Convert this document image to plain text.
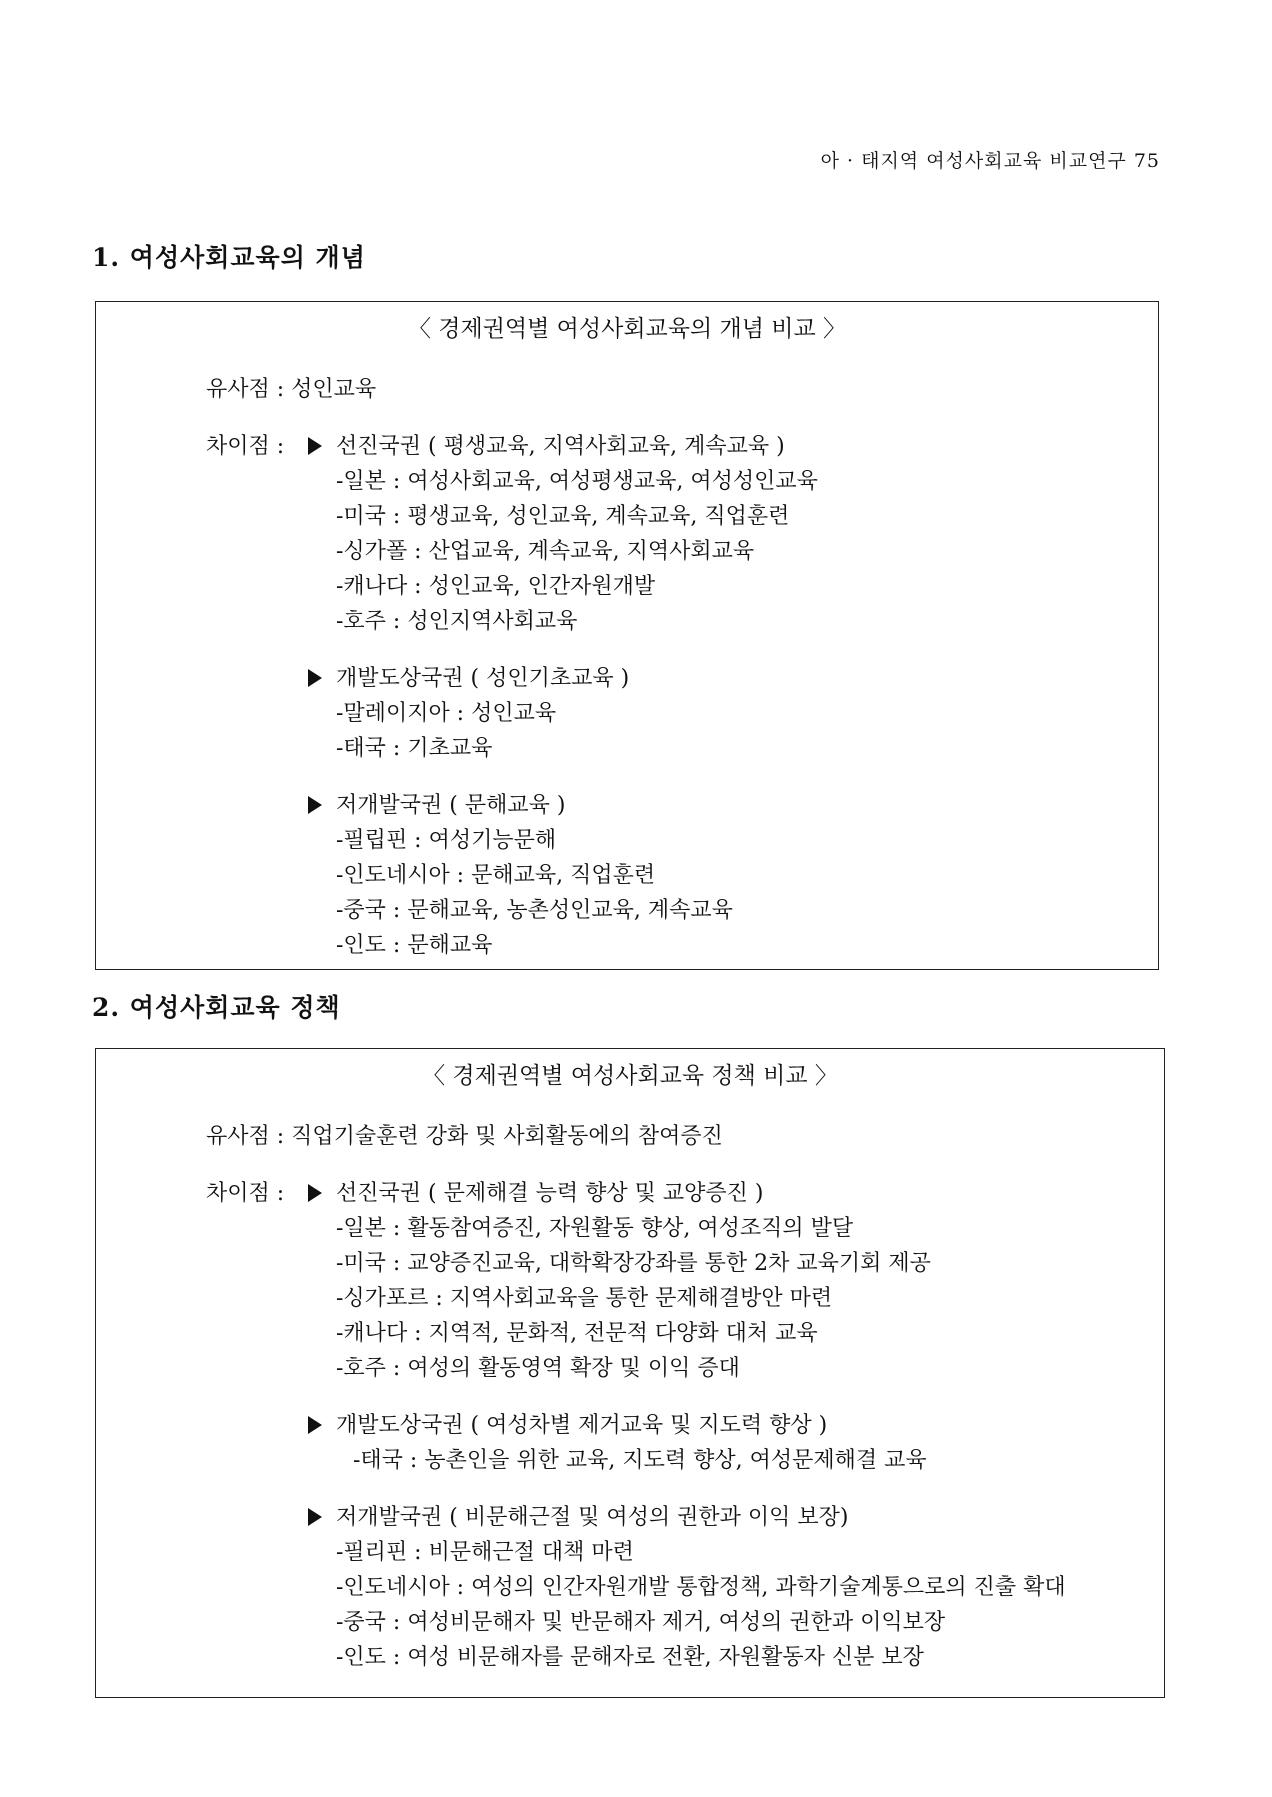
아 · 태지역 여성사회교육 비교연구 75
1. 여성사회교육의 개념
〈 경제권역별 여성사회교육의 개념 비교 〉
유사점 : 성인교육
차이점 :	선진국권 ( 평생교육, 지역사회교육, 계속교육 )
-일본 : 여성사회교육, 여성평생교육, 여성성인교육
-미국 : 평생교육, 성인교육, 계속교육, 직업훈련
-싱가폴 : 산업교육, 계속교육, 지역사회교육
-캐나다 : 성인교육, 인간자원개발
-호주 : 성인지역사회교육
개발도상국권 ( 성인기초교육 )
-말레이지아 : 성인교육
-태국 : 기초교육
저개발국권 ( 문해교육 )
-필립핀 : 여성기능문해
-인도네시아 : 문해교육, 직업훈련
-중국 : 문해교육, 농촌성인교육, 계속교육
-인도 : 문해교육
2. 여성사회교육 정책
〈 경제권역별 여성사회교육 정책 비교 〉
유사점 : 직업기술훈련 강화 및 사회활동에의 참여증진
차이점 :	선진국권 ( 문제해결 능력 향상 및 교양증진 )
-일본 : 활동참여증진, 자원활동 향상, 여성조직의 발달
-미국 : 교양증진교육, 대학확장강좌를 통한 2차 교육기회 제공
-싱가포르 : 지역사회교육을 통한 문제해결방안 마련
-캐나다 : 지역적, 문화적, 전문적 다양화 대처 교육
-호주 : 여성의 활동영역 확장 및 이익 증대
개발도상국권 ( 여성차별 제거교육 및 지도력 향상 )
-태국 : 농촌인을 위한 교육, 지도력 향상, 여성문제해결 교육
저개발국권 ( 비문해근절 및 여성의 권한과 이익 보장)
-필리핀 : 비문해근절 대책 마련
-인도네시아 : 여성의 인간자원개발 통합정책, 과학기술계통으로의 진출 확대
-중국 : 여성비문해자 및 반문해자 제거, 여성의 권한과 이익보장
-인도 : 여성 비문해자를 문해자로 전환, 자원활동자 신분 보장
